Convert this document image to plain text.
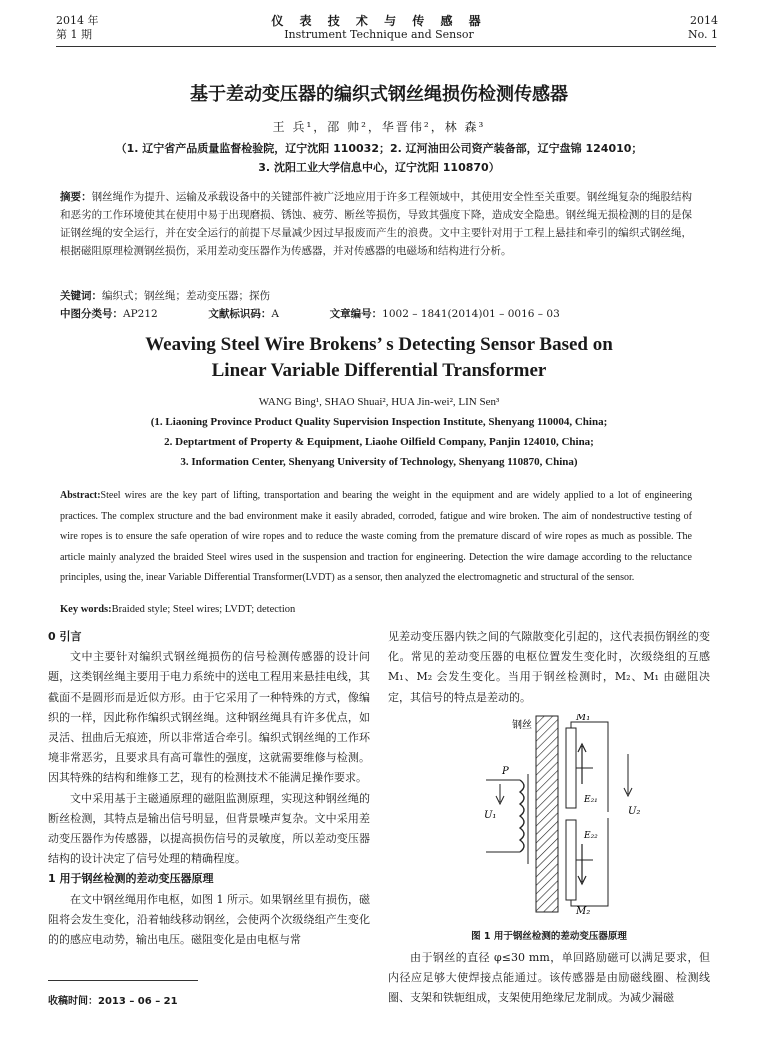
2014 年
第 1 期
仪 表 技 术 与 传 感 器
Instrument Technique and Sensor
2014
No. 1
基于差动变压器的编织式钢丝绳损伤检测传感器
王 兵¹，邵 帅²，华晋伟²，林 森³
（1. 辽宁省产品质量监督检验院，辽宁沈阳 110032；2. 辽河油田公司资产装备部，辽宁盘锦 124010；
3. 沈阳工业大学信息中心，辽宁沈阳 110870）
摘要：钢丝绳作为提升、运输及承载设备中的关键部件被广泛地应用于许多工程领域中，其使用安全性至关重要。钢丝绳复杂的绳股结构和恶劣的工作环境使其在使用中易于出现磨损、锈蚀、疲劳、断丝等损伤，导致其强度下降，造成安全隐患。钢丝绳无损检测的目的是保证钢丝绳的安全运行，并在安全运行的前提下尽量减少因过早报废而产生的浪费。文中主要针对用于工程上悬挂和牵引的编织式钢丝绳，根据磁阻原理检测钢丝损伤，采用差动变压器作为传感器，并对传感器的电磁场和结构进行分析。
关键词：编织式；钢丝绳；差动变压器；探伤
中图分类号：AP212	文献标识码：A	文章编号：1002 – 1841(2014)01 – 0016 – 03
Weaving Steel Wire Brokens’ s Detecting Sensor Based on
Linear Variable Differential Transformer
WANG Bing¹, SHAO Shuai², HUA Jin-wei², LIN Sen³
(1. Liaoning Province Product Quality Supervision Inspection Institute, Shenyang 110004, China;
2. Deptartment of Property & Equipment, Liaohe Oilfield Company, Panjin 124010, China;
3. Information Center, Shenyang University of Technology, Shenyang 110870, China)
Abstract:Steel wires are the key part of lifting, transportation and bearing the weight in the equipment and are widely applied to a lot of engineering practices. The complex structure and the bad environment make it easily abraded, corroded, fatigue and wire broken. The aim of nondestructive testing of wire ropes is to ensure the safe operation of wire ropes and to reduce the waste coming from the premature discard of wire ropes as much as possible. The article mainly analyzed the braided Steel wires used in the suspension and traction for engineering. Detection the wire damage according to the reluctance principles, using the, inear Variable Differential Transformer(LVDT) as a sensor, then analyzed the electromagnetic and structural of the sensor.
Key words:Braided style; Steel wires; LVDT; detection
0 引言

文中主要针对编织式钢丝绳损伤的信号检测传感器的设计问题，这类钢丝绳主要用于电力系统中的送电工程用来悬挂电线，其截面不是圆形而是近似方形。由于它采用了一种特殊的方式，像编织的一样，因此称作编织式钢丝绳。这种钢丝绳具有许多优点，如灵活、扭曲后无痕迹，所以非常适合牵引。编织式钢丝绳的工作环境非常恶劣，且要求具有高可靠性的强度，这就需要维修与检测。因其特殊的结构和维修工艺，现有的检测技术不能满足操作要求。

文中采用基于主磁通原理的磁阻监测原理，实现这种钢丝绳的断丝检测，其特点是输出信号明显，但背景噪声复杂。文中采用差动变压器作为传感器，以提高损伤信号的灵敏度，所以差动变压器结构的设计决定了信号处理的精确程度。

1 用于钢丝检测的差动变压器原理

在文中钢丝绳用作电枢，如图 1 所示。如果钢丝里有损伤，磁阻将会发生变化，沿着轴线移动钢丝，会使两个次级绕组产生变化的的感应电动势，输出电压。磁阻变化是由电枢与常

见差动变压器内铁之间的气隙散变化引起的，这代表损伤钢丝的变化。常见的差动变压器的电枢位置发生变化时，次级绕组的互感 M₁、M₂ 会发生变化。当用于钢丝检测时，M₂、M₁ 由磁阻决定，其信号的特点是差动的。
钢丝
P
U₁	U₂
M₁
M₂
E₂₁
E₂₂
图 1 用于钢丝检测的差动变压器原理

由于钢丝的直径 φ≤30 mm，单回路励磁可以满足要求，但内径应足够大使焊接点能通过。该传感器是由励磁线圈、检测线圈、支架和铁轭组成，支架使用绝缘尼龙制成。为减少漏磁

收稿时间：2013 – 06 – 21
